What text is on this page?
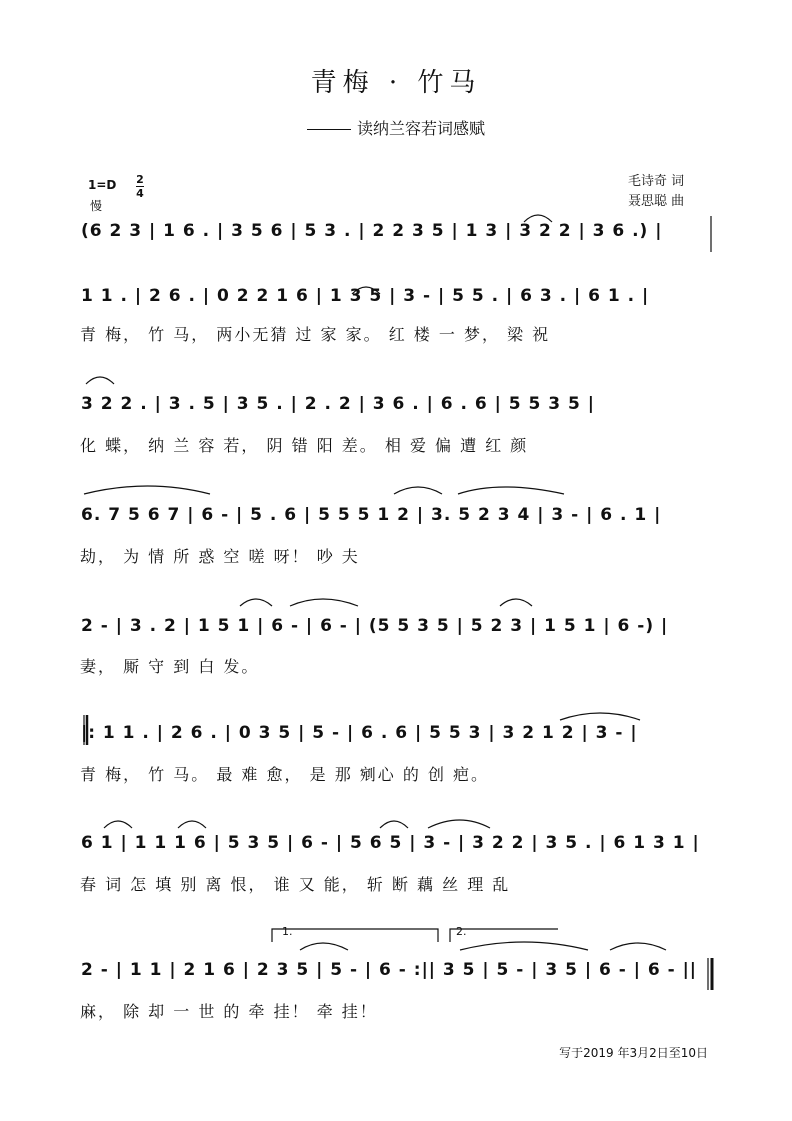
青梅 · 竹马
读纳兰容若词感赋
1=D 2
4
慢
毛诗奇 词
聂思聪 曲
(6 2 3 | 1 6 . | 3 5 6 | 5 3 . | 2 2 3 5 | 1 3 | 3 2 2 | 3 6 .) |
1 1 . | 2 6 . | 0 2 2 1 6 | 1 3 5 | 3 - | 5 5 . | 6 3 . | 6 1 . |
青 梅， 竹 马， 两小无猜 过 家 家。 红 楼 一 梦， 梁 祝
3 2 2 . | 3 . 5 | 3 5 . | 2 . 2 | 3 6 . | 6 . 6 | 5 5 3 5 |
化 蝶， 纳 兰 容 若， 阴 错 阳 差。 相 爱 偏 遭 红 颜
6. 7 5 6 7 | 6 - | 5 . 6 | 5 5 5 1 2 | 3. 5 2 3 4 | 3 - | 6 . 1 |
劫， 为 情 所 惑 空 嗟 呀！ 吵 夫
2 - | 3 . 2 | 1 5 1 | 6 - | 6 - | (5 5 3 5 | 5 2 3 | 1 5 1 | 6 -) |
妻， 厮 守 到 白 发。
|: 1 1 . | 2 6 . | 0 3 5 | 5 - | 6 . 6 | 5 5 3 | 3 2 1 2 | 3 - |
青 梅， 竹 马。 最 难 愈， 是 那 剜心 的 创 疤。
6 1 | 1 1 1 6 | 5 3 5 | 6 - | 5 6 5 | 3 - | 3 2 2 | 3 5 . | 6 1 3 1 |
春 词 怎 填 别 离 恨， 谁 又 能， 斩 断 藕 丝 理 乱
2 - | 1 1 | 2 1 6 | 2 3 5 | 5 - | 6 - :|| 3 5 | 5 - | 3 5 | 6 - | 6 - ||
麻， 除 却 一 世 的 牵 挂！ 牵 挂！
1.	2.
写于2019 年3月2日至10日
